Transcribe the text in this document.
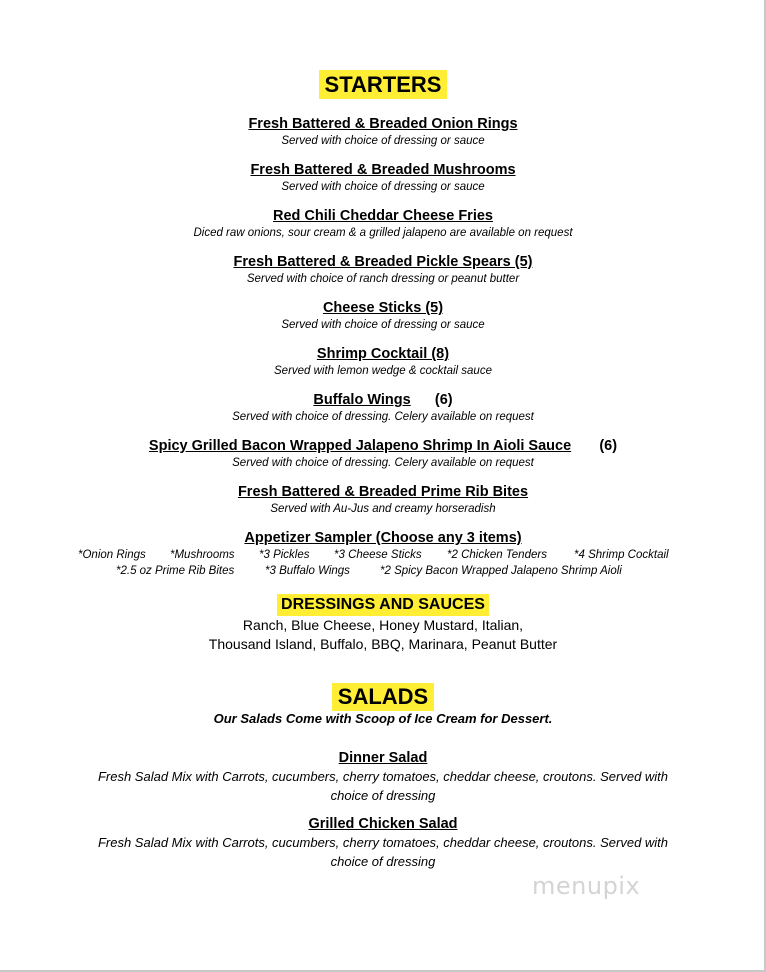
STARTERS
Fresh Battered & Breaded Onion Rings
Served with choice of dressing or sauce
Fresh Battered & Breaded Mushrooms
Served with choice of dressing or sauce
Red Chili Cheddar Cheese Fries
Diced raw onions, sour cream & a grilled jalapeno are available on request
Fresh Battered & Breaded Pickle Spears (5)
Served with choice of ranch dressing or peanut butter
Cheese Sticks (5)
Served with choice of dressing or sauce
Shrimp Cocktail (8)
Served with lemon wedge & cocktail sauce
Buffalo Wings (6)
Served with choice of dressing. Celery available on request
Spicy Grilled Bacon Wrapped Jalapeno Shrimp In Aioli Sauce (6)
Served with choice of dressing. Celery available on request
Fresh Battered & Breaded Prime Rib Bites
Served with Au-Jus and creamy horseradish
Appetizer Sampler (Choose any 3 items)
*Onion Rings *Mushrooms *3 Pickles *3 Cheese Sticks *2 Chicken Tenders *4 Shrimp Cocktail
*2.5 oz Prime Rib Bites	*3 Buffalo Wings	*2 Spicy Bacon Wrapped Jalapeno Shrimp Aioli
DRESSINGS AND SAUCES
Ranch, Blue Cheese, Honey Mustard, Italian,
Thousand Island, Buffalo, BBQ, Marinara, Peanut Butter
SALADS
Our Salads Come with Scoop of Ice Cream for Dessert.
Dinner Salad
Fresh Salad Mix with Carrots, cucumbers, cherry tomatoes, cheddar cheese, croutons. Served with
choice of dressing
Grilled Chicken Salad
Fresh Salad Mix with Carrots, cucumbers, cherry tomatoes, cheddar cheese, croutons. Served with
choice of dressing
menupix
